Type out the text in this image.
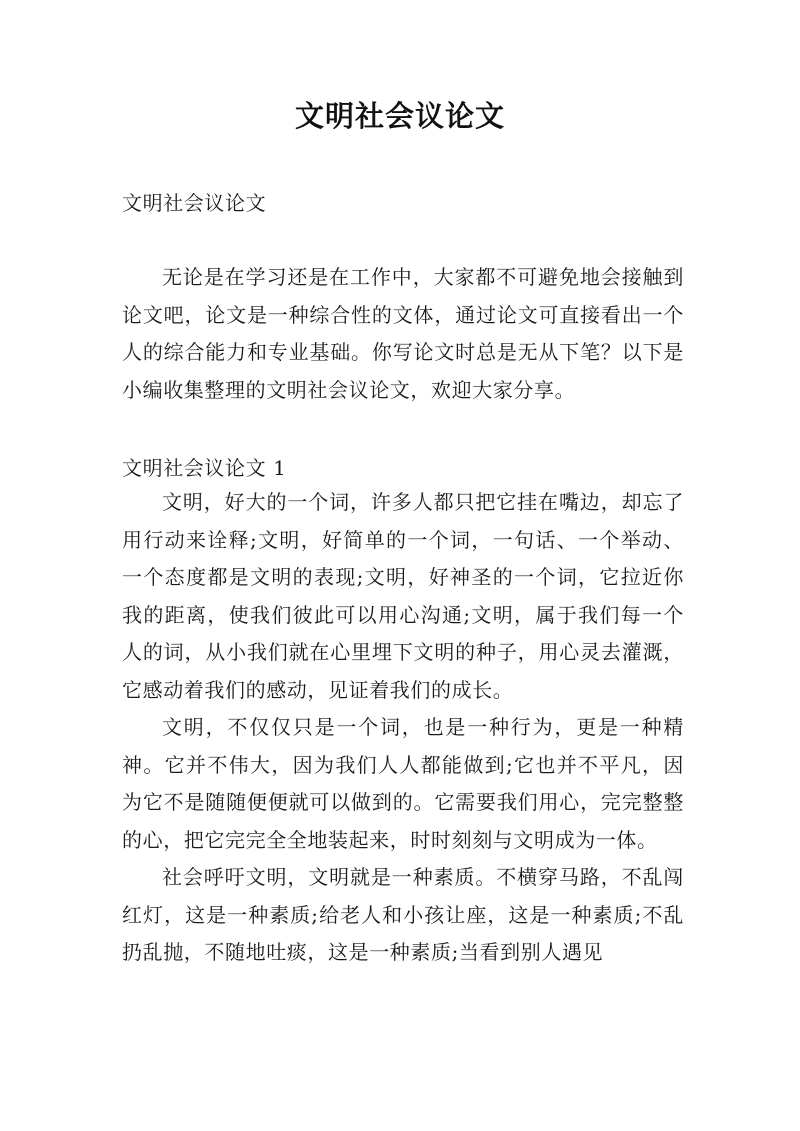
文明社会议论文

文明社会议论文

无论是在学习还是在工作中，大家都不可避免地会接触到论文吧，论文是一种综合性的文体，通过论文可直接看出一个人的综合能力和专业基础。你写论文时总是无从下笔？以下是小编收集整理的文明社会议论文，欢迎大家分享。

文明社会议论文 1

文明，好大的一个词，许多人都只把它挂在嘴边，却忘了用行动来诠释;文明，好简单的一个词，一句话、一个举动、一个态度都是文明的表现;文明，好神圣的一个词，它拉近你我的距离，使我们彼此可以用心沟通;文明，属于我们每一个人的词，从小我们就在心里埋下文明的种子，用心灵去灌溉，它感动着我们的感动，见证着我们的成长。

文明，不仅仅只是一个词，也是一种行为，更是一种精神。它并不伟大，因为我们人人都能做到;它也并不平凡，因为它不是随随便便就可以做到的。它需要我们用心，完完整整的心，把它完完全全地装起来，时时刻刻与文明成为一体。

社会呼吁文明，文明就是一种素质。不横穿马路，不乱闯红灯，这是一种素质;给老人和小孩让座，这是一种素质;不乱扔乱抛，不随地吐痰，这是一种素质;当看到别人遇见
